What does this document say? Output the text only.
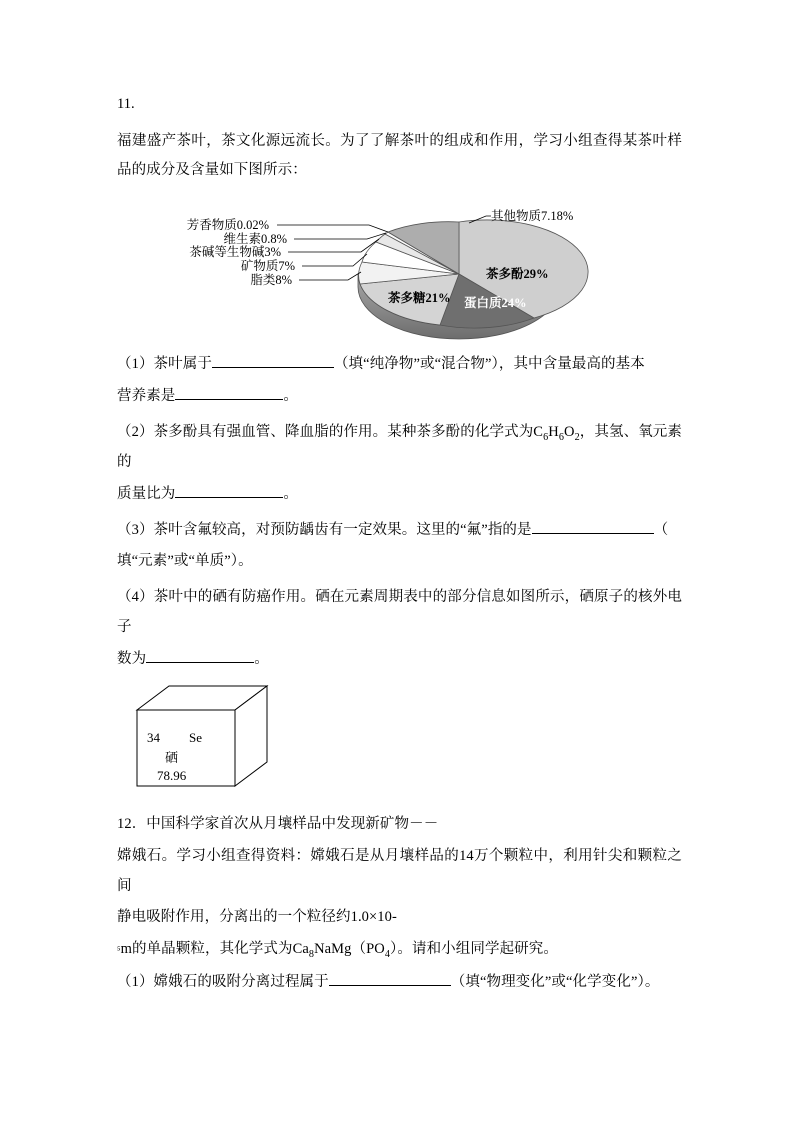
11.
福建盛产茶叶，茶文化源远流长。为了了解茶叶的组成和作用，学习小组查得某茶叶样品的成分及含量如下图所示：
芳香物质0.02%
维生素0.8%
茶碱等生物碱3%
矿物质7%
脂类8%
其他物质7.18%
茶多酚29%
蛋白质24%
茶多糖21%
（1）茶叶属于	（填“纯净物”或“混合物”），其中含量最高的基本
营养素是	。
（2）茶多酚具有强血管、降血脂的作用。某种茶多酚的化学式为$C_6H_6O_2$，其氢、氧元素的
质量比为	。
（3）茶叶含氟较高，对预防龋齿有一定效果。这里的“氟”指的是	（
填“元素”或“单质”）。
（4）茶叶中的硒有防癌作用。硒在元素周期表中的部分信息如图所示，硒原子的核外电子
数为	。
34 Se
硒
78.96
12．中国科学家首次从月壤样品中发现新矿物－－
嫦娥石。学习小组查得资料：嫦娥石是从月壤样品的14万个颗粒中，利用针尖和颗粒之间
静电吸附作用，分离出的一个粒径约1.0×10-
⁵m的单晶颗粒，其化学式为$Ca_8NaMg(PO_4)$。请和小组同学起研究。
（1）嫦娥石的吸附分离过程属于	（填“物理变化”或“化学变化”）。
